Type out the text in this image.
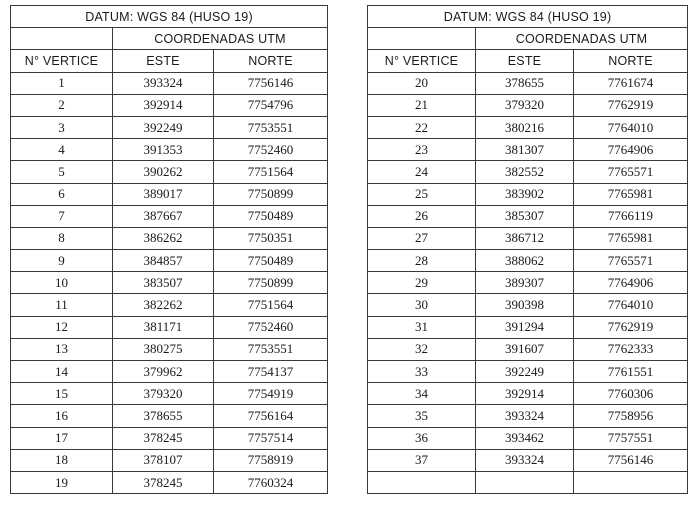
DATUM: WGS 84 (HUSO 19)		
	COORDENADAS UTM	
N° VERTICE	ESTE	NORTE
1	393324	7756146
2	392914	7754796
3	392249	7753551
4	391353	7752460
5	390262	7751564
6	389017	7750899
7	387667	7750489
8	386262	7750351
9	384857	7750489
10	383507	7750899
11	382262	7751564
12	381171	7752460
13	380275	7753551
14	379962	7754137
15	379320	7754919
16	378655	7756164
17	378245	7757514
18	378107	7758919
19	378245	7760324
DATUM: WGS 84 (HUSO 19)		
	COORDENADAS UTM	
N° VERTICE	ESTE	NORTE
20	378655	7761674
21	379320	7762919
22	380216	7764010
23	381307	7764906
24	382552	7765571
25	383902	7765981
26	385307	7766119
27	386712	7765981
28	388062	7765571
29	389307	7764906
30	390398	7764010
31	391294	7762919
32	391607	7762333
33	392249	7761551
34	392914	7760306
35	393324	7758956
36	393462	7757551
37	393324	7756146
